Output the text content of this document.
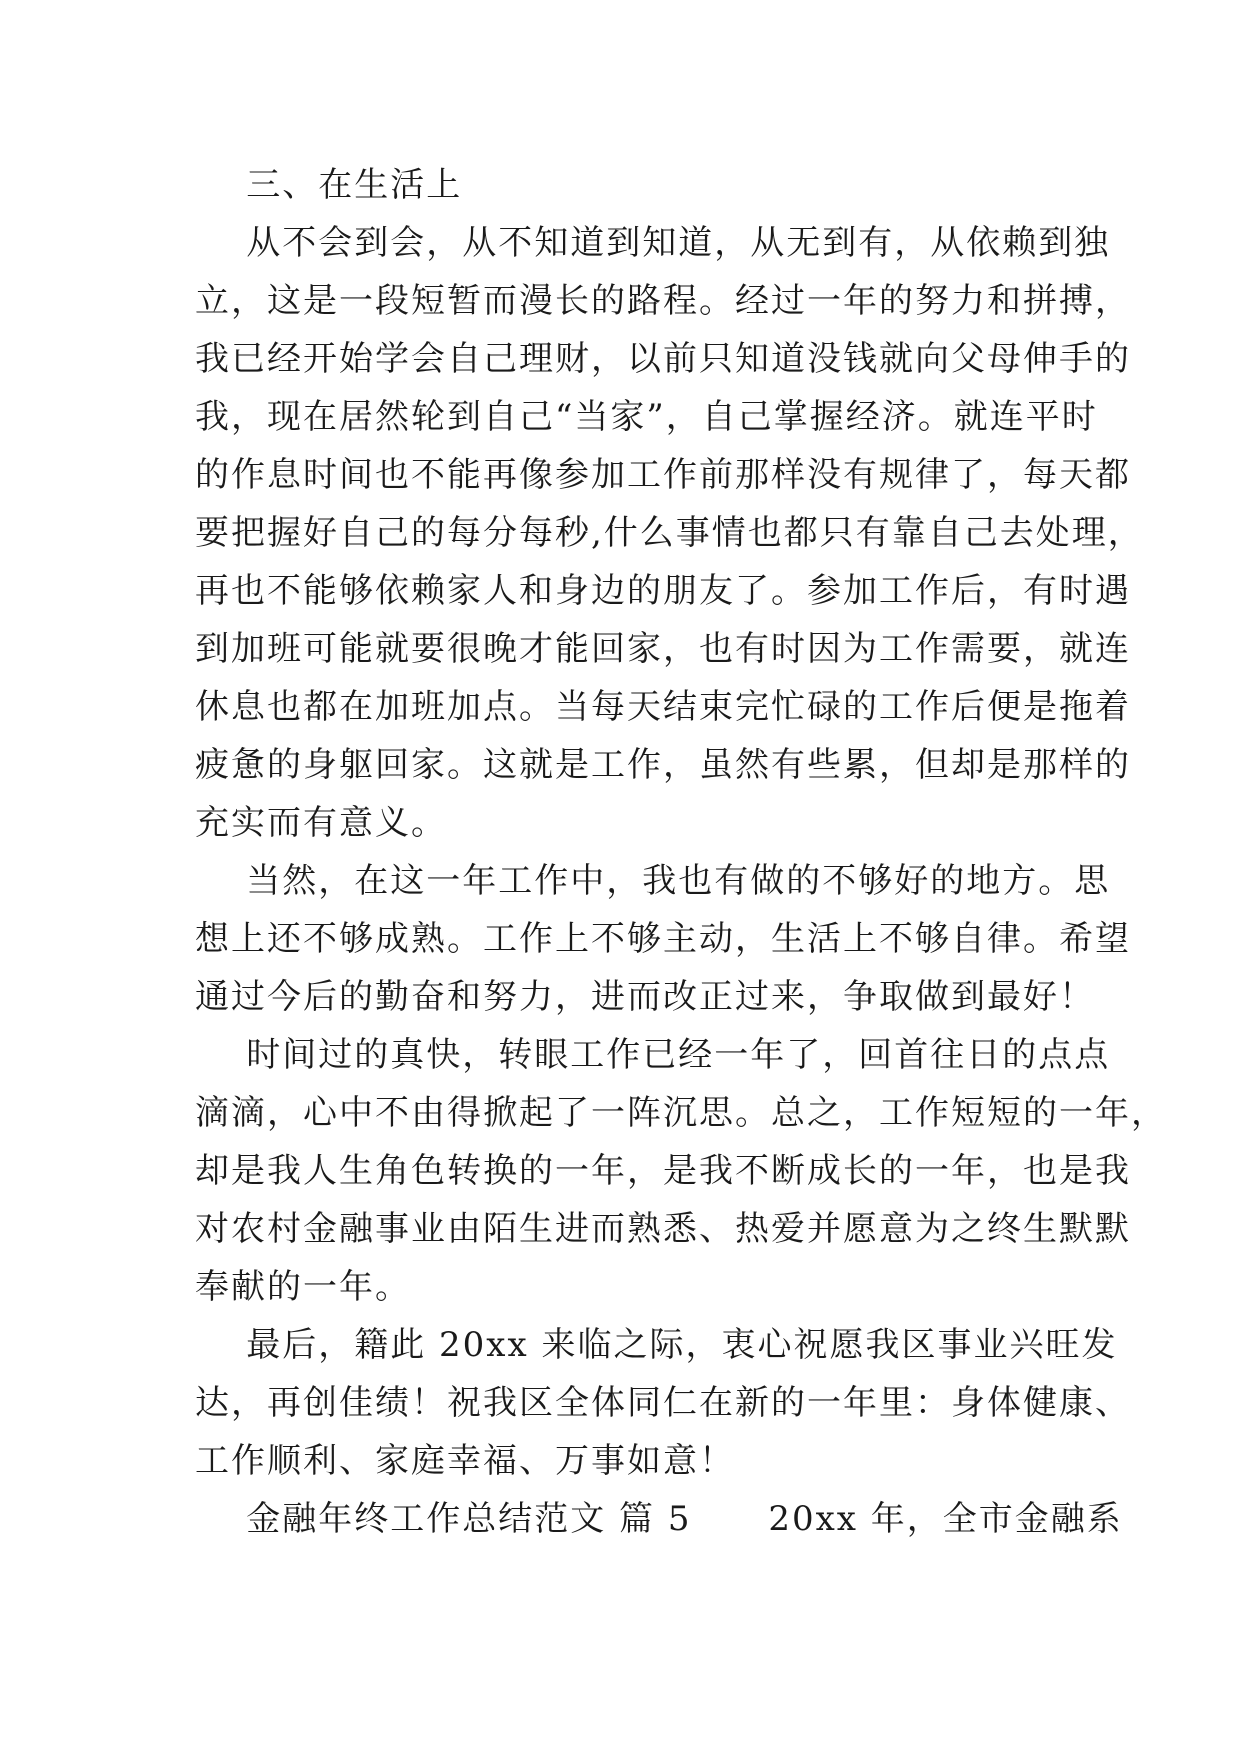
三、在生活上
从不会到会，从不知道到知道，从无到有，从依赖到独
立，这是一段短暂而漫长的路程。经过一年的努力和拼搏，
我已经开始学会自己理财，以前只知道没钱就向父母伸手的
我，现在居然轮到自己“当家”，自己掌握经济。就连平时
的作息时间也不能再像参加工作前那样没有规律了，每天都
要把握好自己的每分每秒,什么事情也都只有靠自己去处理，
再也不能够依赖家人和身边的朋友了。参加工作后，有时遇
到加班可能就要很晚才能回家，也有时因为工作需要，就连
休息也都在加班加点。当每天结束完忙碌的工作后便是拖着
疲惫的身躯回家。这就是工作，虽然有些累，但却是那样的
充实而有意义。
当然，在这一年工作中，我也有做的不够好的地方。思
想上还不够成熟。工作上不够主动，生活上不够自律。希望
通过今后的勤奋和努力，进而改正过来，争取做到最好！
时间过的真快，转眼工作已经一年了，回首往日的点点
滴滴，心中不由得掀起了一阵沉思。总之，工作短短的一年，
却是我人生角色转换的一年，是我不断成长的一年，也是我
对农村金融事业由陌生进而熟悉、热爱并愿意为之终生默默
奉献的一年。
最后，籍此 20xx 来临之际，衷心祝愿我区事业兴旺发
达，再创佳绩！祝我区全体同仁在新的一年里：身体健康、
工作顺利、家庭幸福、万事如意！
金融年终工作总结范文 篇 5      20xx 年，全市金融系
